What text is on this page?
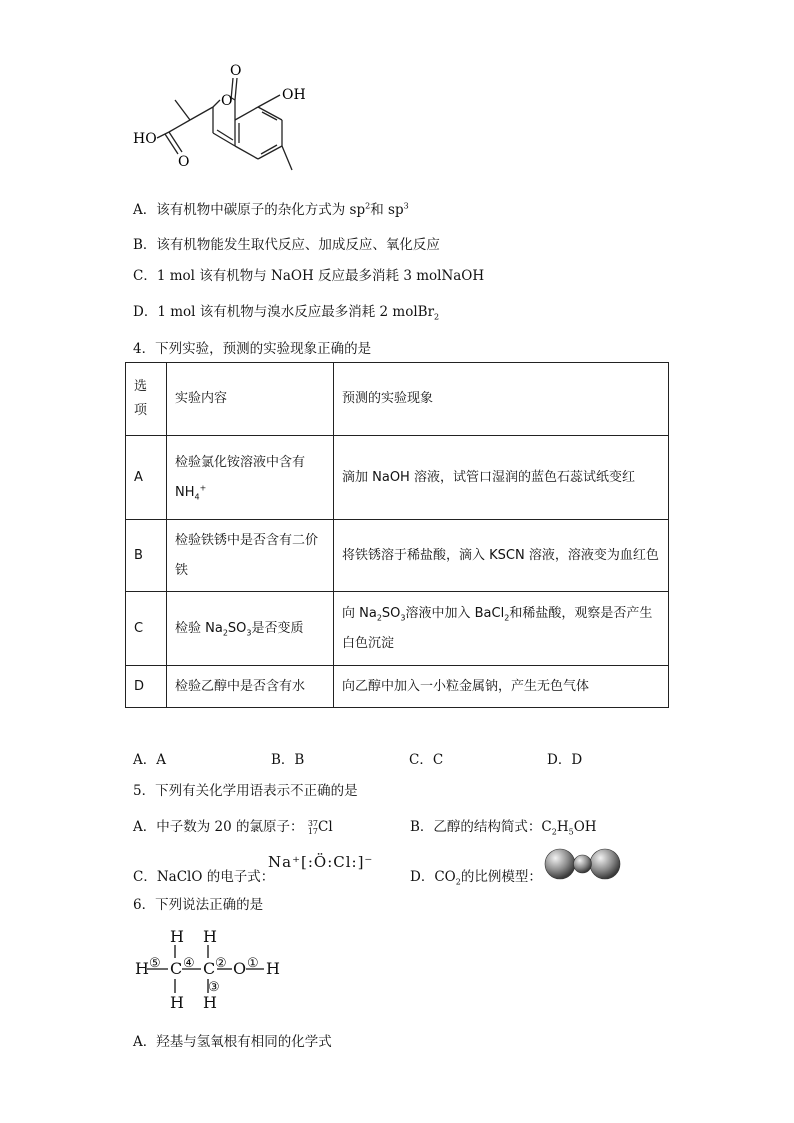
O
O
OH
HO
O
A．该有机物中碳原子的杂化方式为 $sp^2$和 $sp^3$
B．该有机物能发生取代反应、加成反应、氧化反应
C．1 mol 该有机物与 NaOH 反应最多消耗 3 molNaOH
D．1 mol 该有机物与溴水反应最多消耗 2 molBr$_2$
4．下列实验，预测的实验现象正确的是
选项	实验内容	预测的实验现象
A	检验氯化铵溶液中含有 $NH_4^+$	滴加 NaOH 溶液，试管口湿润的蓝色石蕊试纸变红
B	检验铁锈中是否含有二价铁	将铁锈溶于稀盐酸，滴入 KSCN 溶液，溶液变为血红色
C	检验 $Na_2SO_3$是否变质	向 $Na_2SO_3$溶液中加入 BaCl$_2$和稀盐酸，观察是否产生白色沉淀
D	检验乙醇中是否含有水	向乙醇中加入一小粒金属钠，产生无色气体
A．A	B．B	C．C	D．D
5．下列有关化学用语表示不正确的是
A．中子数为 20 的氯原子： 37
17 Cl	B．乙醇的结构简式：$C_2H_5OH$
C．NaClO 的电子式：
Na⁺[:Ö:Cl:]⁻
D．$CO_2$的比例模型：
6．下列说法正确的是
H H
H C C O H
H H
⑤ ④ ② ①
③
A．羟基与氢氧根有相同的化学式
